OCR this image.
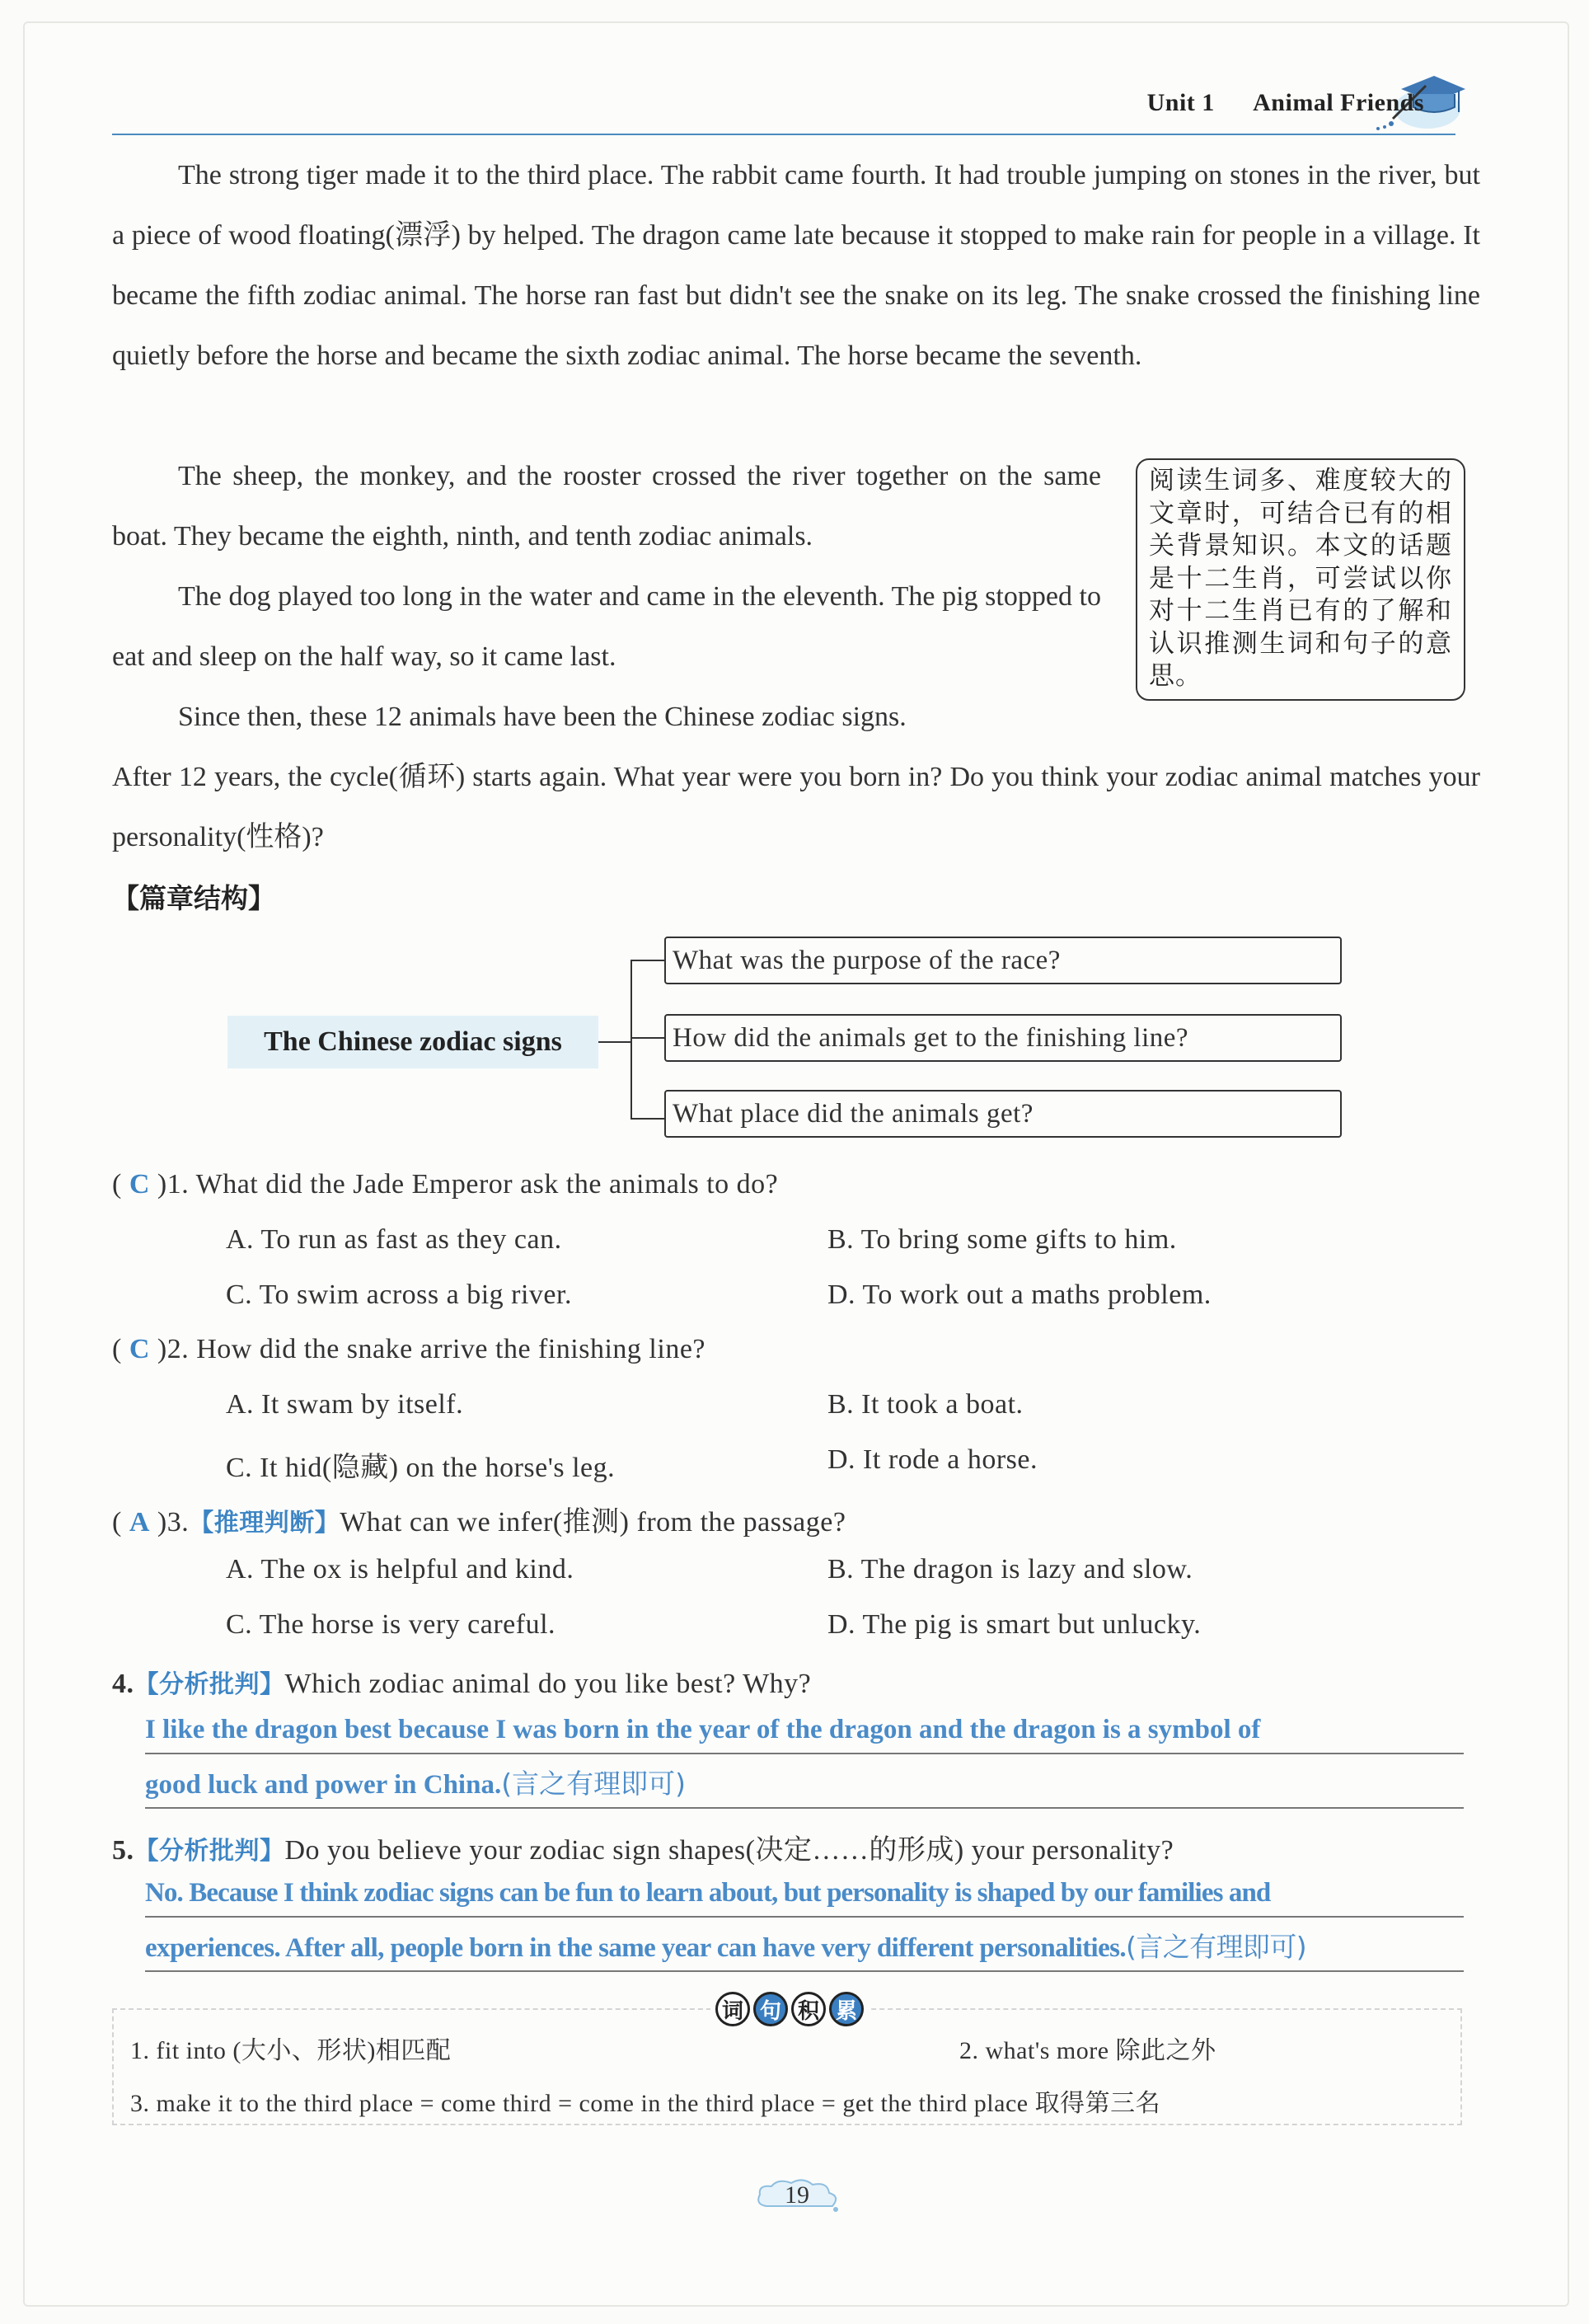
Unit 1 Animal Friends
The strong tiger made it to the third place. The rabbit came fourth. It had trouble jumping on stones in the river, but a piece of wood floating(漂浮) by helped. The dragon came late because it stopped to make rain for people in a village. It became the fifth zodiac animal. The horse ran fast but didn't see the snake on its leg. The snake crossed the finishing line quietly before the horse and became the sixth zodiac animal. The horse became the seventh.
The sheep, the monkey, and the rooster crossed the river together on the same boat. They became the eighth, ninth, and tenth zodiac animals.
The dog played too long in the water and came in the eleventh. The pig stopped to eat and sleep on the half way, so it came last.
Since then, these 12 animals have been the Chinese zodiac signs.
After 12 years, the cycle(循环) starts again. What year were you born in? Do you think your zodiac animal matches your personality(性格)?
阅读生词多、难度较大的文章时，可结合已有的相关背景知识。本文的话题是十二生肖，可尝试以你对十二生肖已有的了解和认识推测生词和句子的意思。
【篇章结构】
The Chinese zodiac signs
What was the purpose of the race?
How did the animals get to the finishing line?
What place did the animals get?
( C )1. What did the Jade Emperor ask the animals to do?
A. To run as fast as they can.	B. To bring some gifts to him.
C. To swim across a big river.	D. To work out a maths problem.
( C )2. How did the snake arrive the finishing line?
A. It swam by itself.	B. It took a boat.
C. It hid(隐藏) on the horse's leg.	D. It rode a horse.
( A )3.【推理判断】What can we infer(推测) from the passage?
A. The ox is helpful and kind.	B. The dragon is lazy and slow.
C. The horse is very careful.	D. The pig is smart but unlucky.
4.【分析批判】Which zodiac animal do you like best? Why?
I like the dragon best because I was born in the year of the dragon and the dragon is a symbol of
good luck and power in China.(言之有理即可)
5.【分析批判】Do you believe your zodiac sign shapes(决定……的形成) your personality?
No. Because I think zodiac signs can be fun to learn about, but personality is shaped by our families and
experiences. After all, people born in the same year can have very different personalities.(言之有理即可)
词 句 积 累
1. fit into (大小、形状)相匹配	2. what's more 除此之外
3. make it to the third place = come third = come in the third place = get the third place 取得第三名
19
